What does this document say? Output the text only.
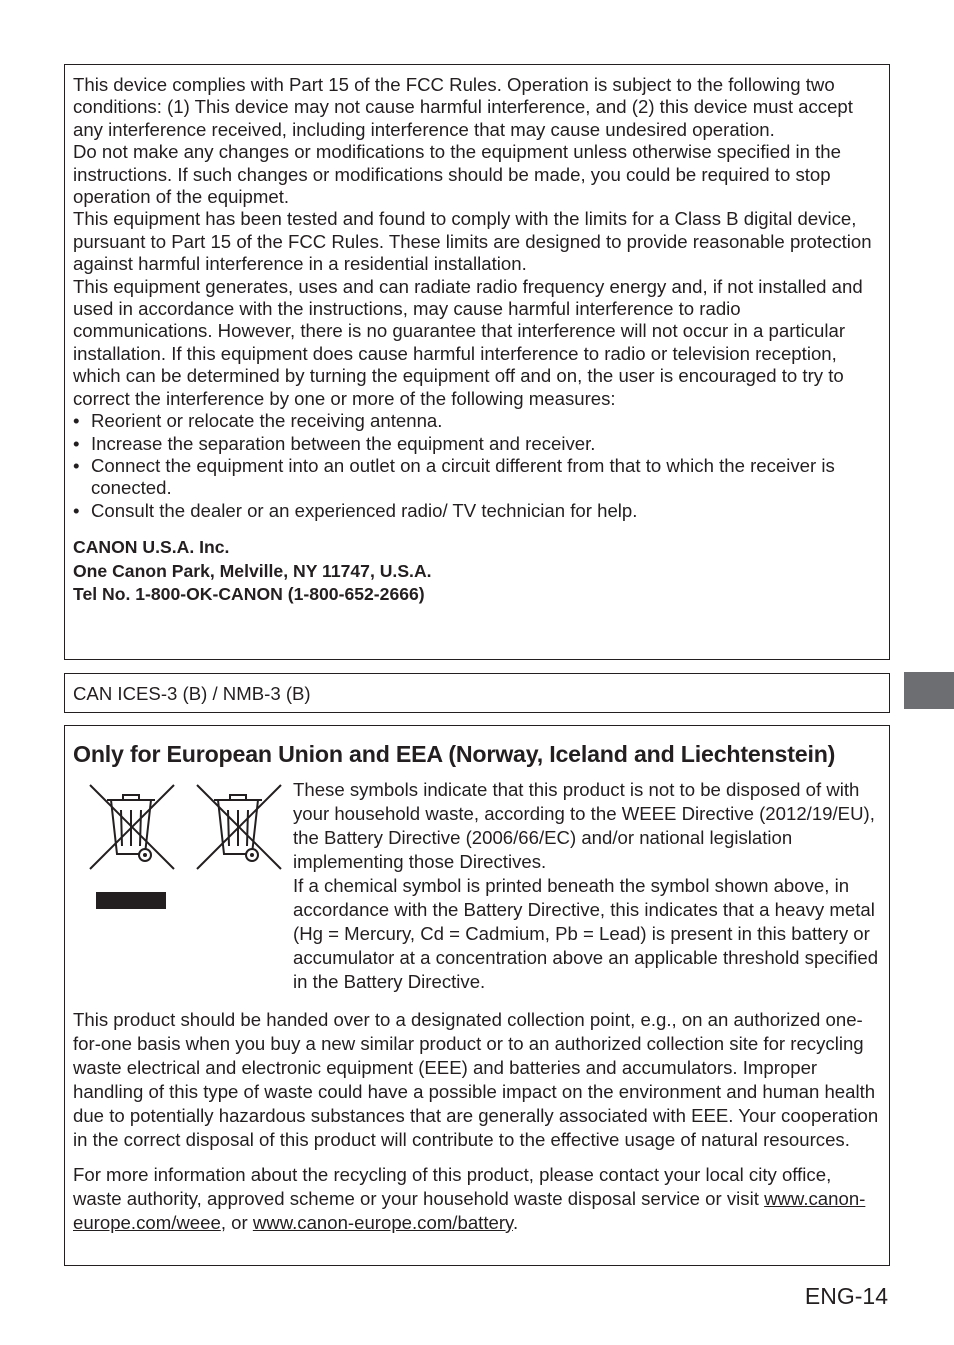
This device complies with Part 15 of the FCC Rules. Operation is subject to the following two conditions: (1) This device may not cause harmful interference, and (2) this device must accept any interference received, including interference that may cause undesired operation.

Do not make any changes or modifications to the equipment unless otherwise specified in the instructions. If such changes or modifications should be made, you could be required to stop operation of the equipmet.

This equipment has been tested and found to comply with the limits for a Class B digital device, pursuant to Part 15 of the FCC Rules. These limits are designed to provide reasonable protection against harmful interference in a residential installation.

This equipment generates, uses and can radiate radio frequency energy and, if not installed and used in accordance with the instructions, may cause harmful interference to radio communications. However, there is no guarantee that interference will not occur in a particular installation. If this equipment does cause harmful interference to radio or television reception, which can be determined by turning the equipment off and on, the user is encouraged to try to correct the interference by one or more of the following measures:

• Reorient or relocate the receiving antenna.
• Increase the separation between the equipment and receiver.
• Connect the equipment into an outlet on a circuit different from that to which the receiver is conected.
• Consult the dealer or an experienced radio/ TV technician for help.
CANON U.S.A. Inc.
One Canon Park, Melville, NY 11747, U.S.A.
Tel No. 1-800-OK-CANON (1-800-652-2666)
CAN ICES-3 (B) / NMB-3 (B)
Only for European Union and EEA (Norway, Iceland and Liechtenstein)
These symbols indicate that this product is not to be disposed of with your household waste, according to the WEEE Directive (2012/19/EU), the Battery Directive (2006/66/EC) and/or national legislation implementing those Directives.
If a chemical symbol is printed beneath the symbol shown above, in accordance with the Battery Directive, this indicates that a heavy metal (Hg = Mercury, Cd = Cadmium, Pb = Lead) is present in this battery or accumulator at a concentration above an applicable threshold specified in the Battery Directive.

This product should be handed over to a designated collection point, e.g., on an authorized one-for-one basis when you buy a new similar product or to an authorized collection site for recycling waste electrical and electronic equipment (EEE) and batteries and accumulators. Improper handling of this type of waste could have a possible impact on the environment and human health due to potentially hazardous substances that are generally associated with EEE. Your cooperation in the correct disposal of this product will contribute to the effective usage of natural resources.

For more information about the recycling of this product, please contact your local city office, waste authority, approved scheme or your household waste disposal service or visit www.canon-europe.com/weee, or www.canon-europe.com/battery.

ENG-14
